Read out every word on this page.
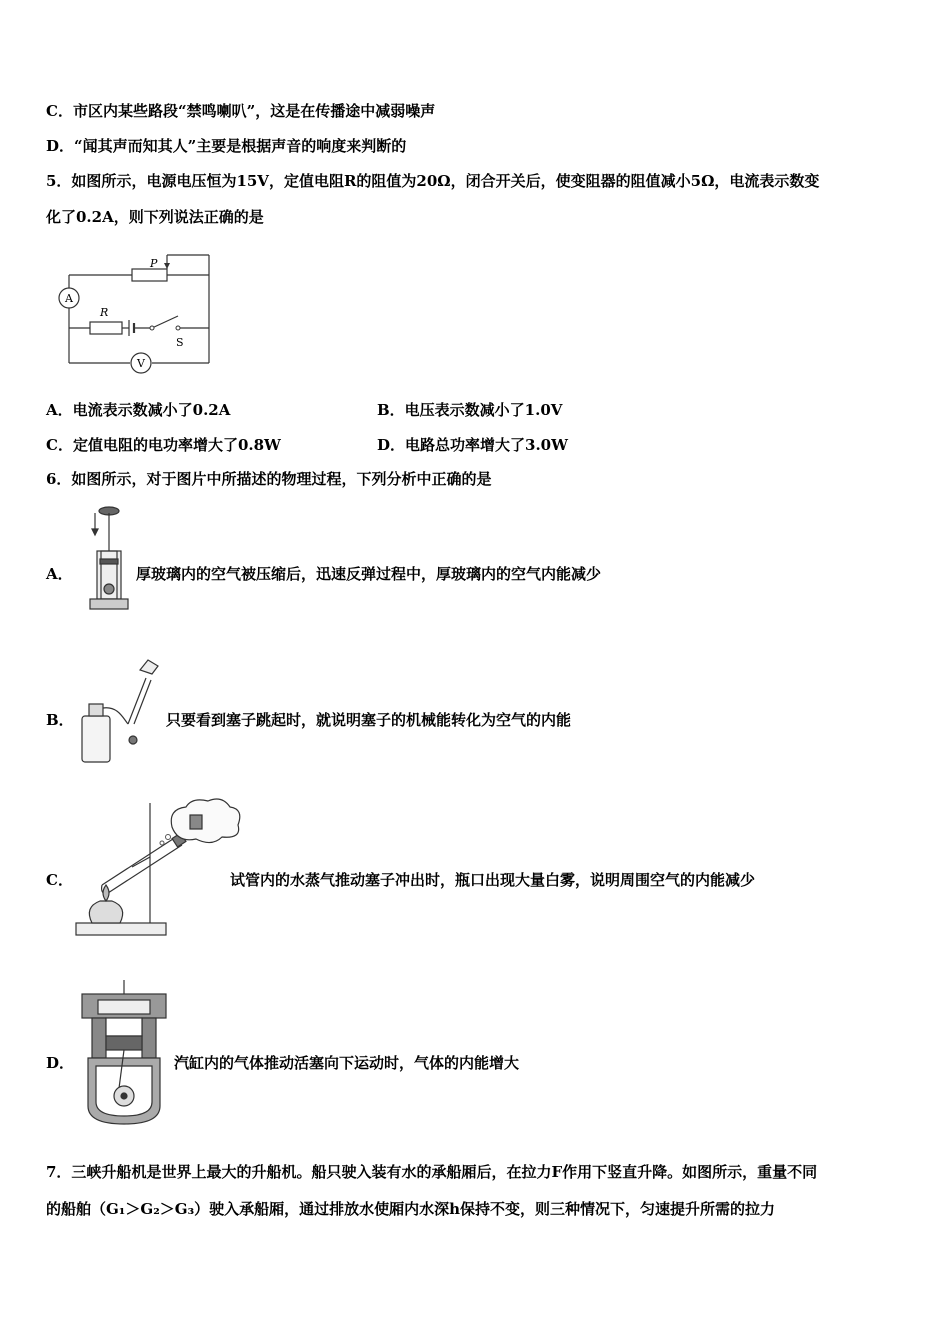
C．市区内某些路段“禁鸣喇叭”，这是在传播途中减弱噪声
D．“闻其声而知其人”主要是根据声音的响度来判断的
5．如图所示，电源电压恒为15V，定值电阻R的阻值为20Ω，闭合开关后，使变阻器的阻值减小5Ω，电流表示数变
化了0.2A，则下列说法正确的是
A
V
P
R
S
A．电流表示数减小了0.2A	B．电压表示数减小了1.0V
C．定值电阻的电功率增大了0.8W	D．电路总功率增大了3.0W
6．如图所示，对于图片中所描述的物理过程，下列分析中正确的是
A．	厚玻璃内的空气被压缩后，迅速反弹过程中，厚玻璃内的空气内能减少
B．	只要看到塞子跳起时，就说明塞子的机械能转化为空气的内能
C．	试管内的水蒸气推动塞子冲出时，瓶口出现大量白雾，说明周围空气的内能减少
D．	汽缸内的气体推动活塞向下运动时，气体的内能增大
7．三峡升船机是世界上最大的升船机。船只驶入装有水的承船厢后，在拉力F作用下竖直升降。如图所示，重量不同
的船舶（G₁＞G₂＞G₃）驶入承船厢，通过排放水使厢内水深h保持不变，则三种情况下，匀速提升所需的拉力
